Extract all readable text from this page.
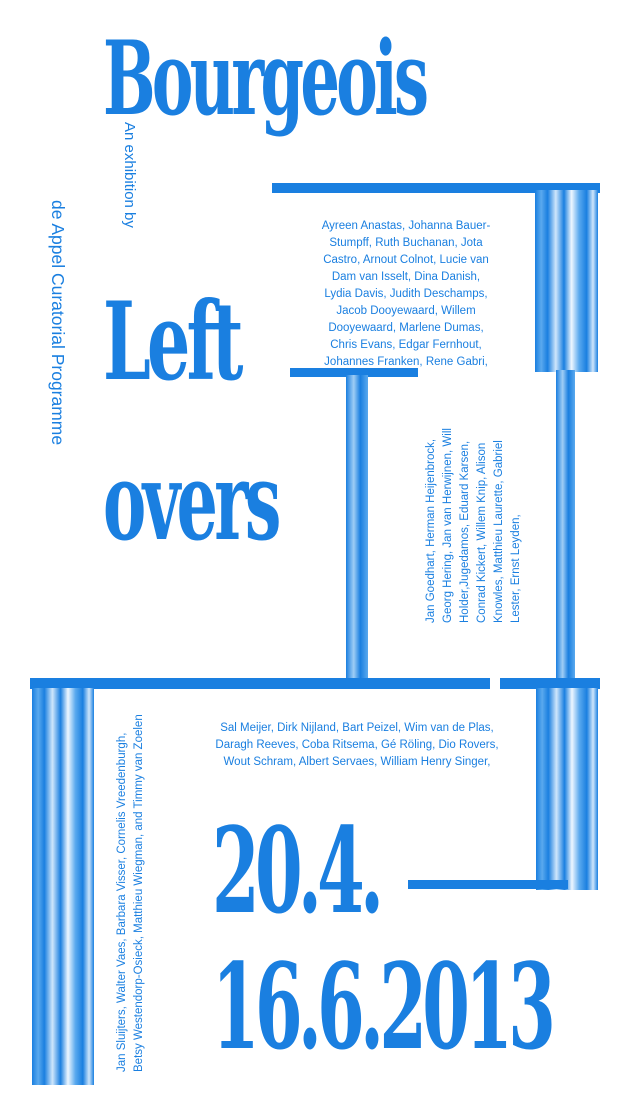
Bourgeois
Left
overs
20.4.
16.6.2013
An exhibition by
de Appel Curatorial Programme	Ayreen Anastas, Johanna Bauer-Stumpff, Ruth Buchanan, Jota Castro, Arnout Colnot, Lucie van Dam van Isselt, Dina Danish, Lydia Davis, Judith Deschamps, Jacob Dooyewaard, Willem Dooyewaard, Marlene Dumas, Chris Evans, Edgar Fernhout, Johannes Franken, Rene Gabri,

Jan Goedhart, Herman Heijenbrock, Georg Hering, Jan van Herwijnen, Will Holder,Jugedamos, Eduard Karsen, Conrad Kickert, Willem Knip, Alison Knowles, Matthieu Laurette, Gabriel Lester, Ernst Leyden,

Sal Meijer, Dirk Nijland, Bart Peizel, Wim van de Plas, Daragh Reeves, Coba Ritsema, Gé Röling, Dio Rovers, Wout Schram, Albert Servaes, William Henry Singer,

Jan Sluijters, Walter Vaes, Barbara Visser, Cornelis Vreedenburgh, Betsy Westendorp-Osieck, Matthieu Wiegman, and Timmy van Zoelen
